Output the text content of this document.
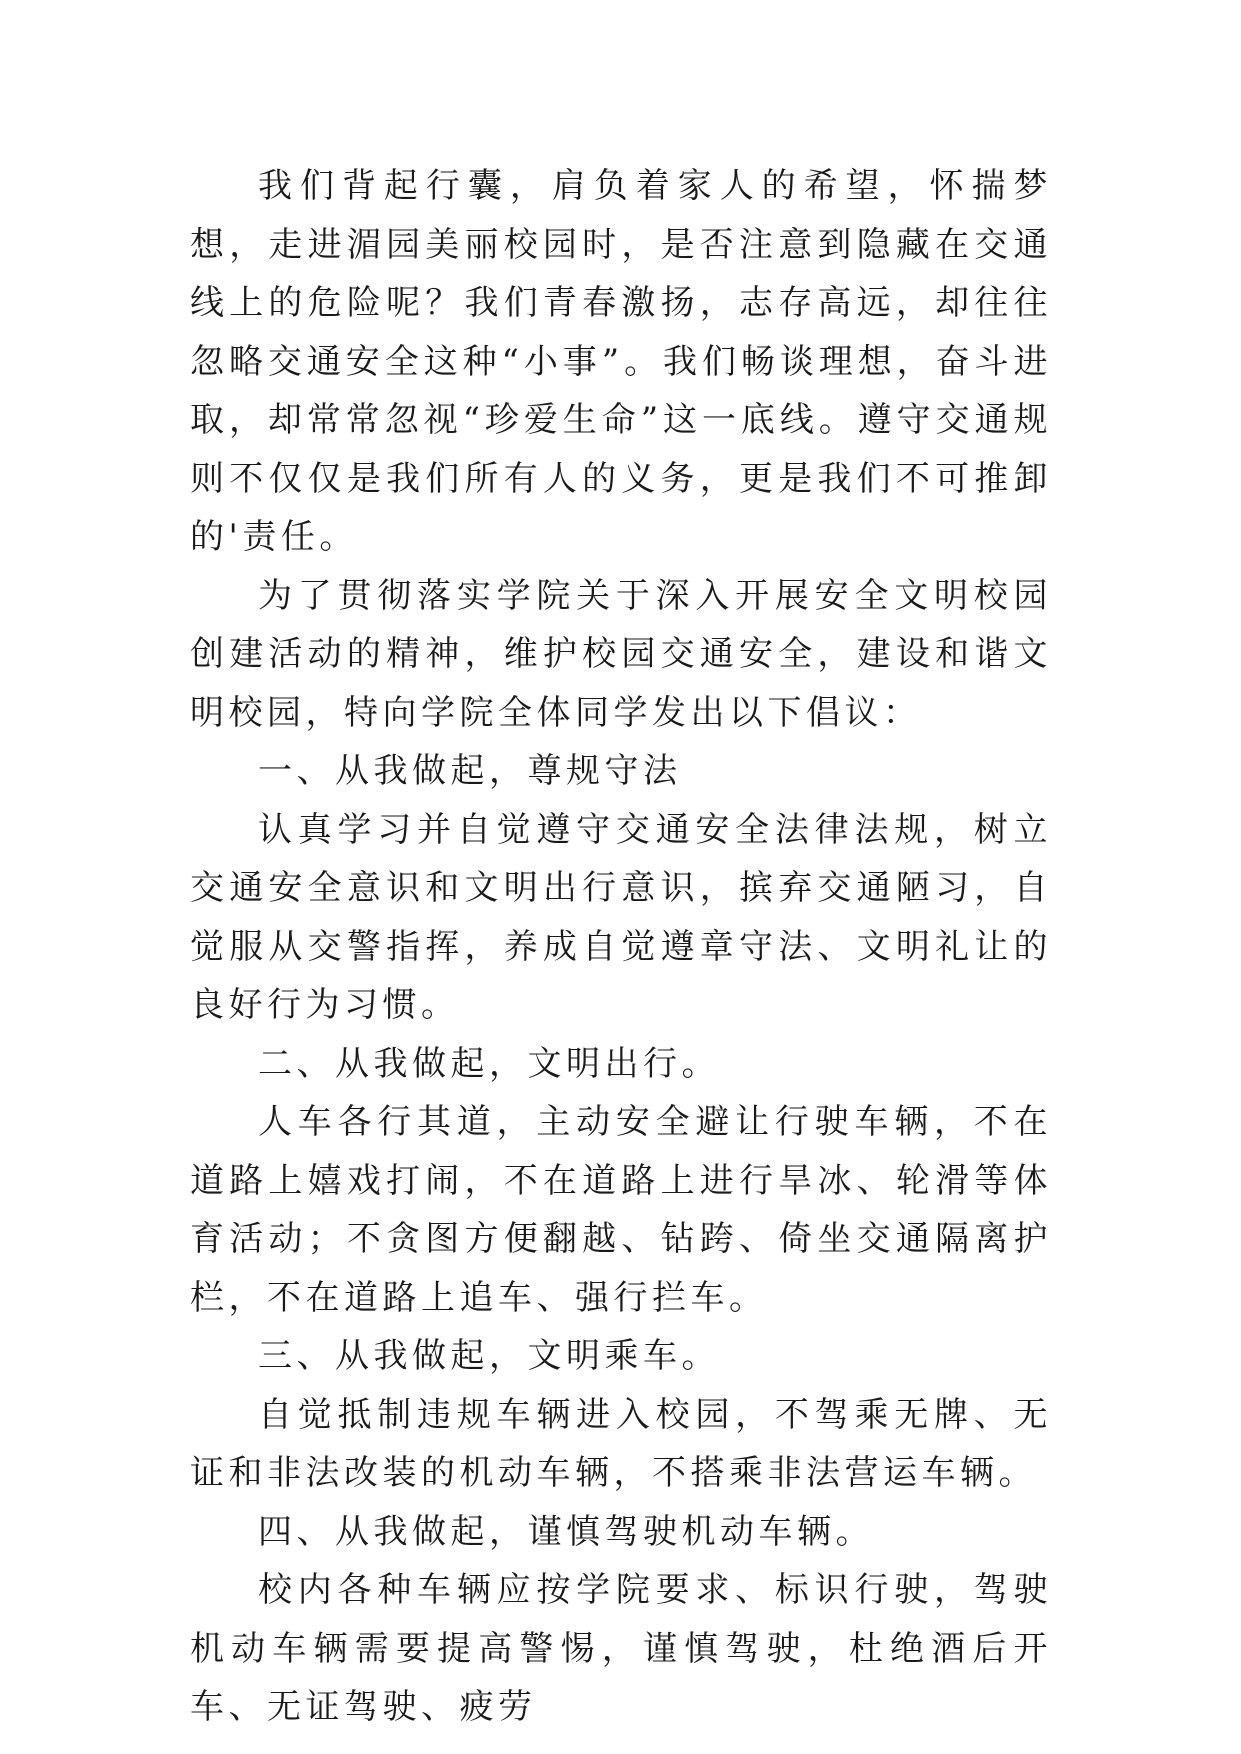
我们背起行囊，肩负着家人的希望，怀揣梦想，走进湄园美丽校园时，是否注意到隐藏在交通线上的危险呢？我们青春激扬，志存高远，却往往忽略交通安全这种“小事”。我们畅谈理想，奋斗进取，却常常忽视“珍爱生命”这一底线。遵守交通规则不仅仅是我们所有人的义务，更是我们不可推卸的'责任。

为了贯彻落实学院关于深入开展安全文明校园创建活动的精神，维护校园交通安全，建设和谐文明校园，特向学院全体同学发出以下倡议：

一、从我做起，尊规守法

认真学习并自觉遵守交通安全法律法规，树立交通安全意识和文明出行意识，摈弃交通陋习，自觉服从交警指挥，养成自觉遵章守法、文明礼让的良好行为习惯。

二、从我做起，文明出行。

人车各行其道，主动安全避让行驶车辆，不在道路上嬉戏打闹，不在道路上进行旱冰、轮滑等体育活动；不贪图方便翻越、钻跨、倚坐交通隔离护栏，不在道路上追车、强行拦车。

三、从我做起，文明乘车。

自觉抵制违规车辆进入校园，不驾乘无牌、无证和非法改装的机动车辆，不搭乘非法营运车辆。

四、从我做起，谨慎驾驶机动车辆。

校内各种车辆应按学院要求、标识行驶，驾驶机动车辆需要提高警惕，谨慎驾驶，杜绝酒后开车、无证驾驶、疲劳
